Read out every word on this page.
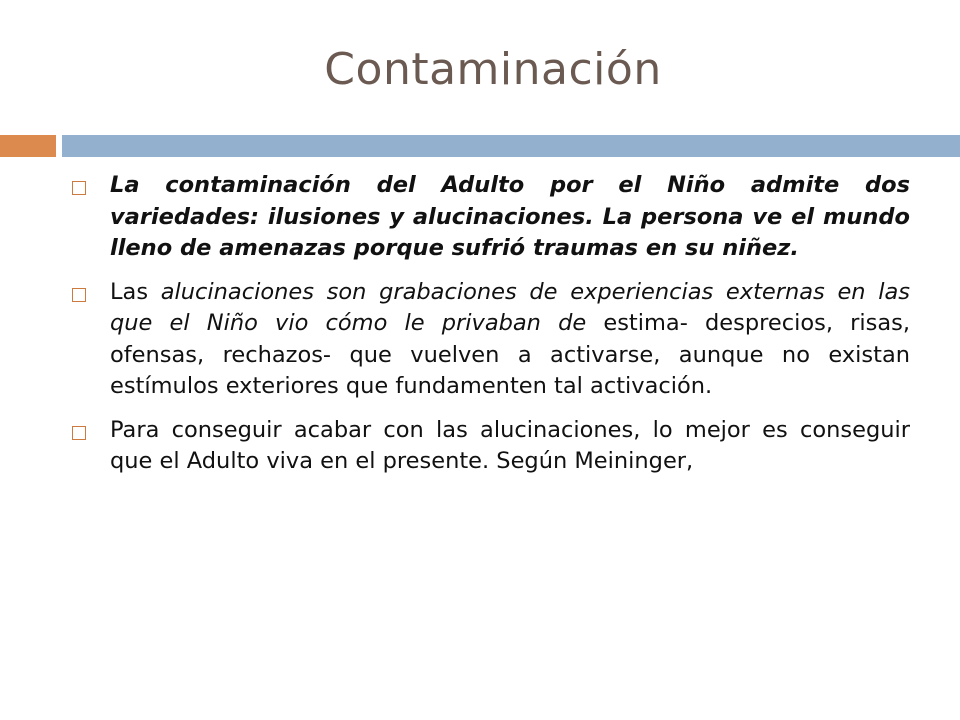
Contaminación
La contaminación del Adulto por el Niño admite dos variedades: ilusiones y alucinaciones. La persona ve el mundo lleno de amenazas porque sufrió traumas en su niñez.
Las alucinaciones son grabaciones de experiencias externas en las que el Niño vio cómo le privaban de estima- desprecios, risas, ofensas, rechazos- que vuelven a activarse, aunque no existan estímulos exteriores que fundamenten tal activación.
Para conseguir acabar con las alucinaciones, lo mejor es conseguir que el Adulto viva en el presente. Según Meininger,
